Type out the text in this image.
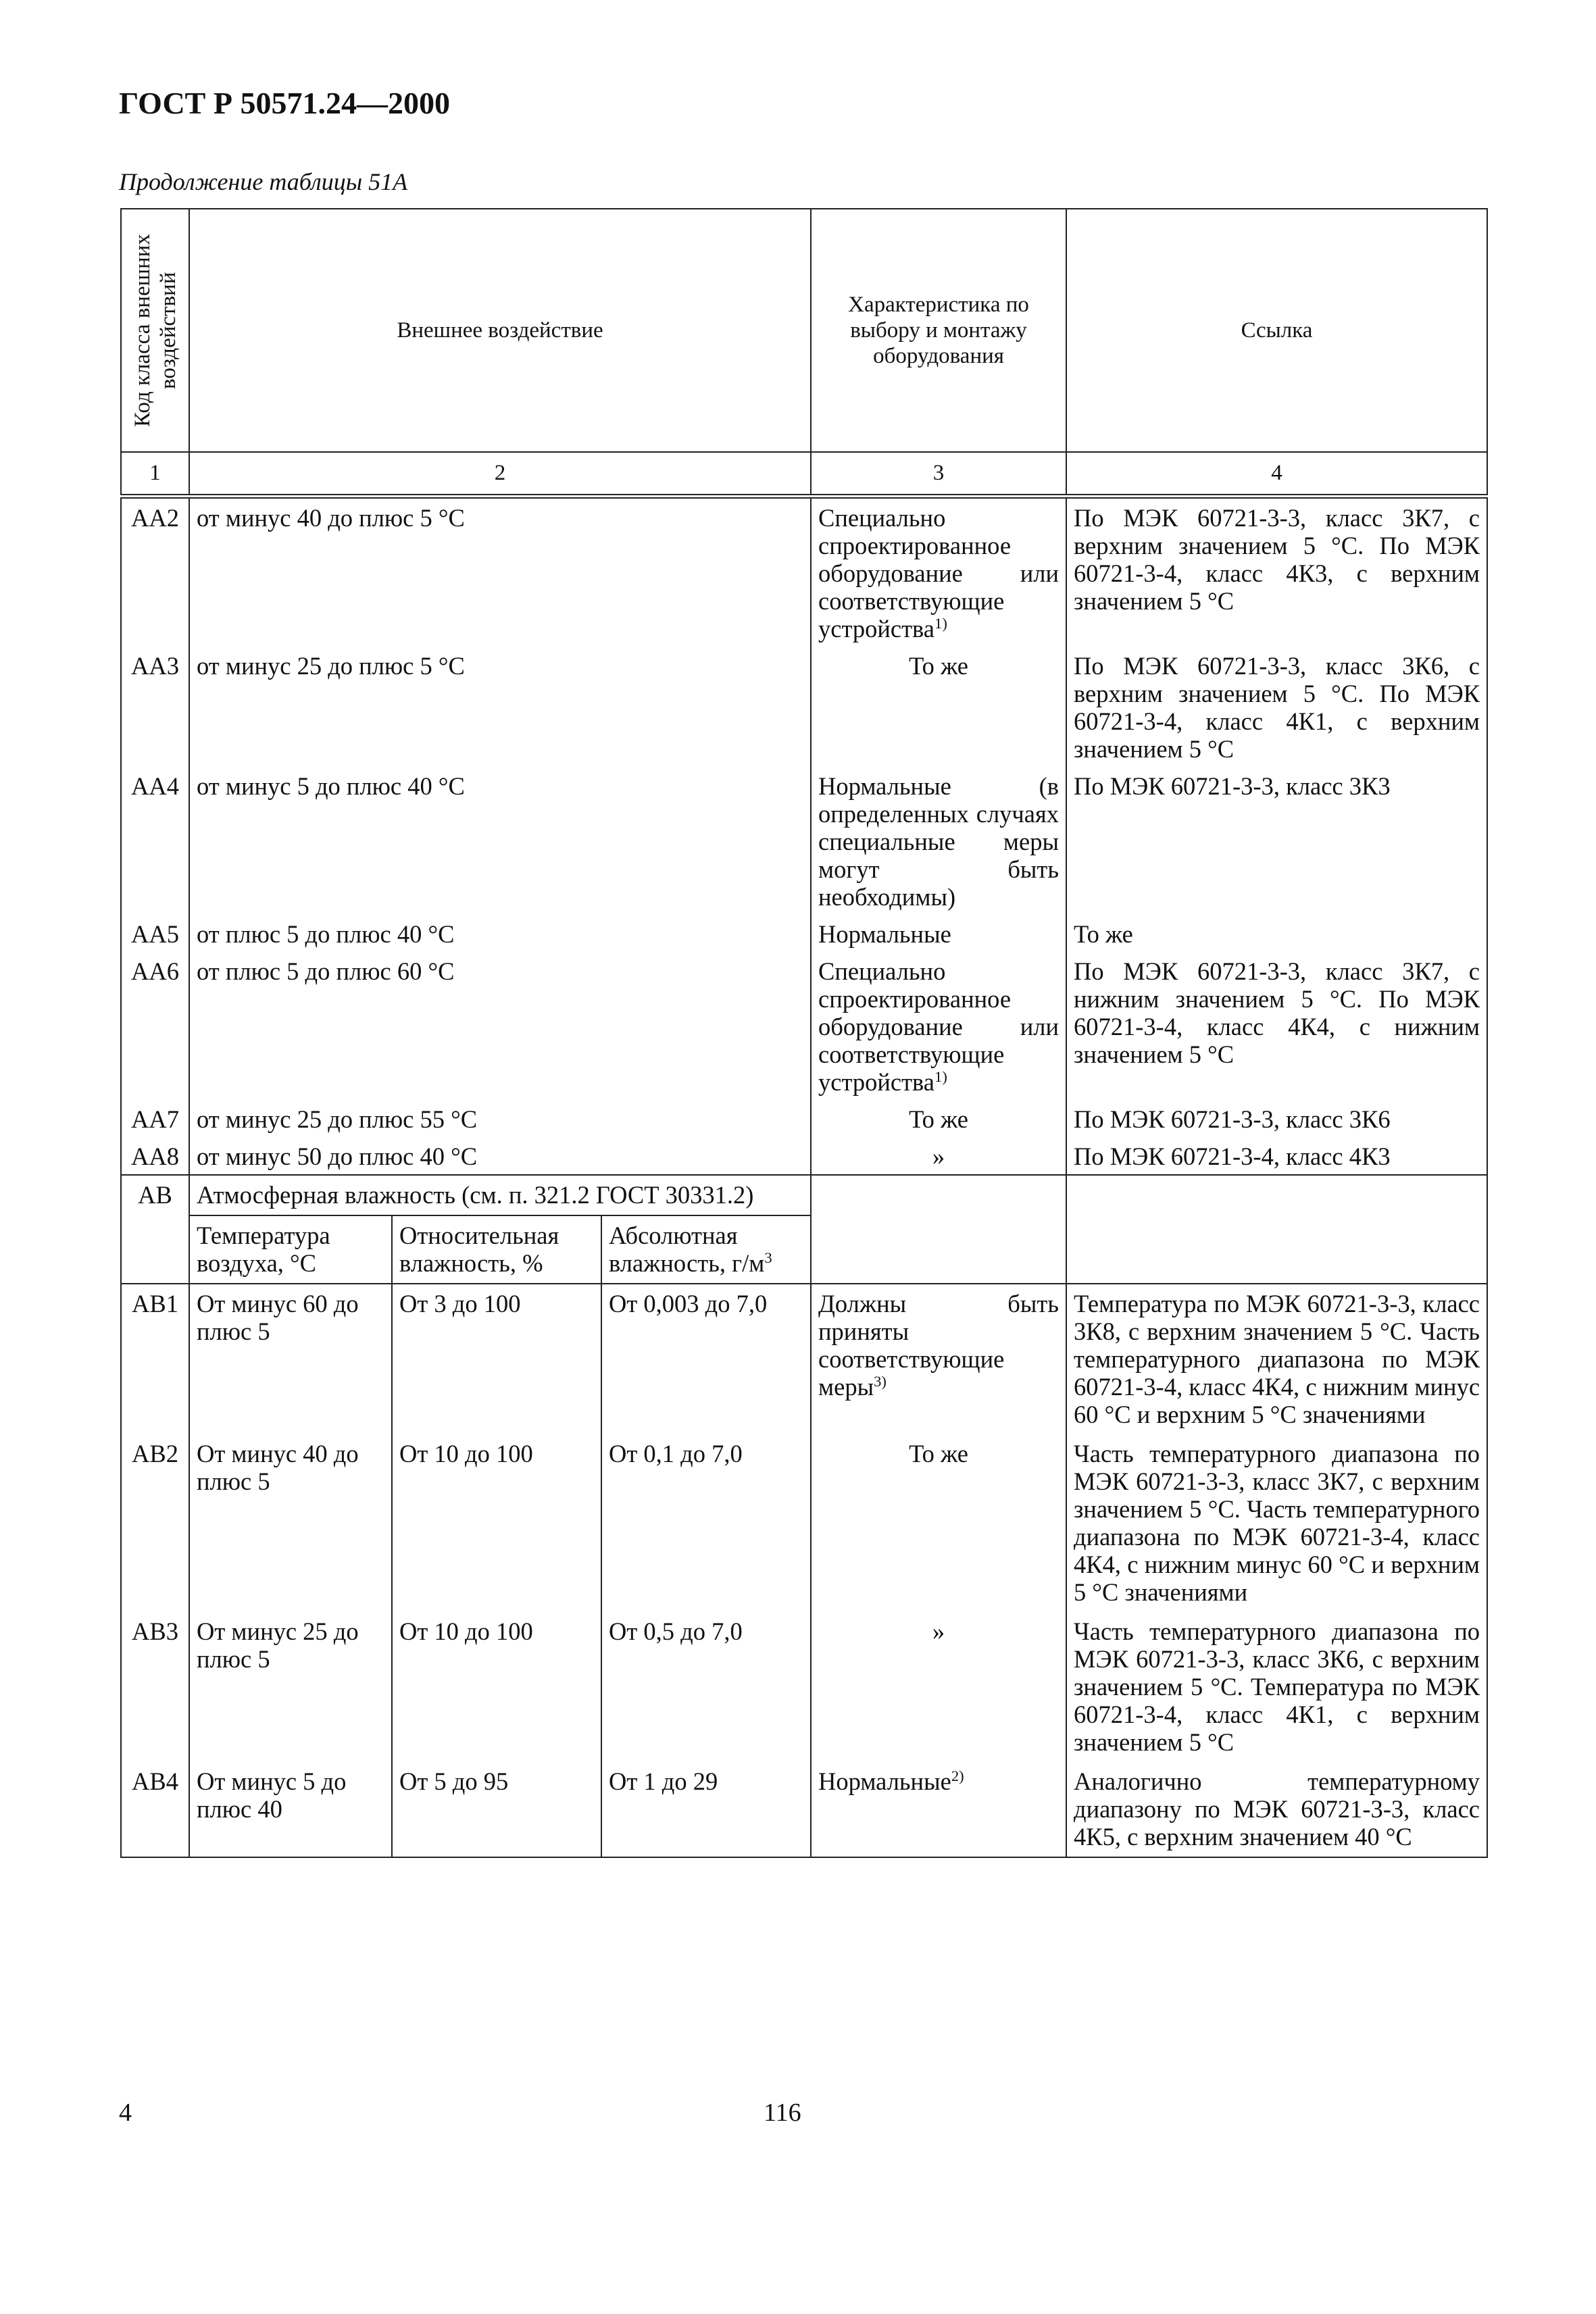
ГОСТ Р 50571.24—2000
Продолжение таблицы 51А
Код класса внешних воздействий	Внешнее воздействие			Характеристика по выбору и монтажу оборудования	Ссылка
1	2			3	4
АА2	от минус 40 до плюс 5 °С			Специально спроектированное оборудование или соответствующие устройства$^{1)}$	По МЭК 60721-3-3, класс 3К7, с верхним значением 5 °С. По МЭК 60721-3-4, класс 4К3, с верхним значением 5 °С
АА3	от минус 25 до плюс 5 °С			То же	По МЭК 60721-3-3, класс 3К6, с верхним значением 5 °С. По МЭК 60721-3-4, класс 4К1, с верхним значением 5 °С
АА4	от минус 5 до плюс 40 °С			Нормальные (в определенных случаях специальные меры могут быть необходимы)	По МЭК 60721-3-3, класс 3К3
АА5	от плюс 5 до плюс 40 °С			Нормальные	То же
АА6	от плюс 5 до плюс 60 °С			Специально спроектированное оборудование или соответствующие устройства$^{1)}$	По МЭК 60721-3-3, класс 3К7, с нижним значением 5 °С. По МЭК 60721-3-4, класс 4К4, с нижним значением 5 °С
АА7	от минус 25 до плюс 55 °С			То же	По МЭК 60721-3-3, класс 3К6
АА8	от минус 50 до плюс 40 °С			»	По МЭК 60721-3-4, класс 4К3
АВ	Атмосферная влажность (см. п. 321.2 ГОСТ 30331.2)				
	Температура воздуха, °С	Относительная влажность, %	Абсолютная влажность, $г/м^3$
АВ1	От минус 60 до плюс 5	От 3 до 100	От 0,003 до 7,0	Должны быть приняты соответствующие меры$^{3)}$	Температура по МЭК 60721-3-3, класс 3К8, с верхним значением 5 °С. Часть температурного диапазона по МЭК 60721-3-4, класс 4К4, с нижним минус 60 °С и верхним 5 °С значениями
АВ2	От минус 40 до плюс 5	От 10 до 100	От 0,1 до 7,0	То же	Часть температурного диапазона по МЭК 60721-3-3, класс 3К7, с верхним значением 5 °С. Часть температурного диапазона по МЭК 60721-3-4, класс 4К4, с нижним минус 60 °С и верхним 5 °С значениями
АВ3	От минус 25 до плюс 5	От 10 до 100	От 0,5 до 7,0	»	Часть температурного диапазона по МЭК 60721-3-3, класс 3К6, с верхним значением 5 °С. Температура по МЭК 60721-3-4, класс 4К1, с верхним значением 5 °С
АВ4	От минус 5 до плюс 40	От 5 до 95	От 1 до 29	Нормальные$^{2)}$	Аналогично температурному диапазону по МЭК 60721-3-3, класс 4К5, с верхним значением 40 °С
4	116
